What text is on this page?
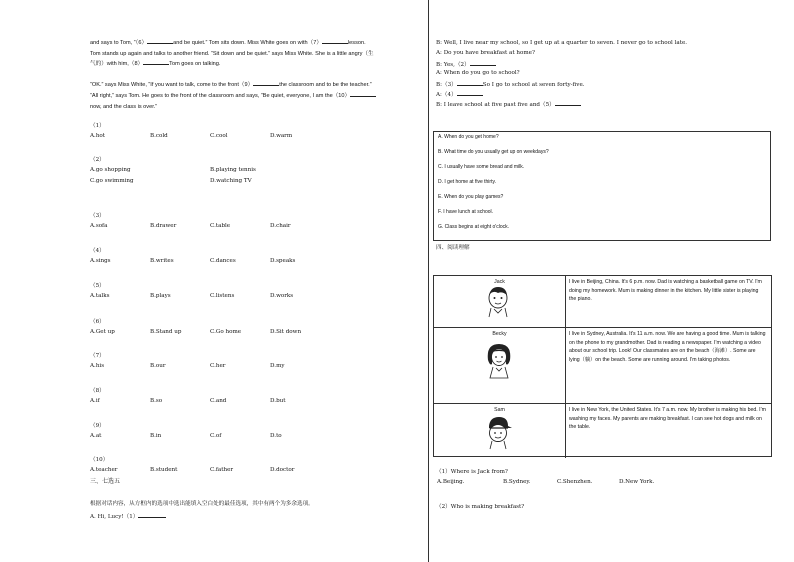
and says to Tom, “（6）	and be quiet.” Tom sits down. Miss White goes on with（7）	lesson.

Tom stands up again and talks to another friend. “Sit down and be quiet.” says Miss White. She is a little angry（生

气的）with him,（8）	Tom goes on talking.

“OK.” says Miss White, “If you want to talk, come to the front（9）	the classroom and to be the teacher.”

“All right,” says Tom. He goes to the front of the classroom and says, “Be quiet, everyone, I am the（10）

now, and the class is over.”

（1）
A.hot	B.cold	C.cool	D.warm
（2）
A.go shopping	B.playing tennis
C.go swimming	D.watching TV
（3）
A.sofa	B.drawer	C.table	D.chair
（4）
A.sings	B.writes	C.dances	D.speaks
（5）
A.talks	B.plays	C.listens	D.works
（6）
A.Get up	B.Stand up	C.Go home	D.Sit down
（7）
A.his	B.our	C.her	D.my
（8）
A.if	B.so	C.and	D.but
（9）
A.at	B.in	C.of	D.to
（10）
A.teacher	B.student	C.father	D.doctor
三、七选五
根据对话内容，从方框内的选项中选出能填入空白处的最佳选项，其中有两个为多余选项。
A. Hi, Lucy!（1）
B: Well, I live near my school, so I get up at a quarter to seven. I never go to school late.
A: Do you have breakfast at home?
B: Yes,（2）
A: When do you go to school?
B:（3）	So I go to school at seven forty-five.
A:（4）
B: I leave school at five past five and（5）
A. When do you get home?
B. What time do you usually get up on weekdays?
C. I usually have some bread and milk.
D. I get home at five thirty.
E. When do you play games?
F. I have lunch at school.
G. Class begins at eight o'clock.
四、阅读理解
Jack	I live in Beijing, China. It's 6 p.m. now. Dad is watching a basketball game on TV. I'm doing my homework. Mum is making dinner in the kitchen. My little sister is playing the piano.
Becky	I live in Sydney, Australia. It's 11 a.m. now. We are having a good time. Mum is talking on the phone to my grandmother. Dad is reading a newspaper. I'm watching a video about our school trip. Look! Our classmates are on the beach（海滩）. Some are lying（躺）on the beach. Some are running around. I'm taking photos.
Sam	I live in New York, the United States. It's 7 a.m. now. My brother is making his bed. I'm washing my faces. My parents are making breakfast. I can see hot dogs and milk on the table.
（1）Where is Jack from?
A.Beijing.	B.Sydney.	C.Shenzhen.	D.New York.
（2）Who is making breakfast?
